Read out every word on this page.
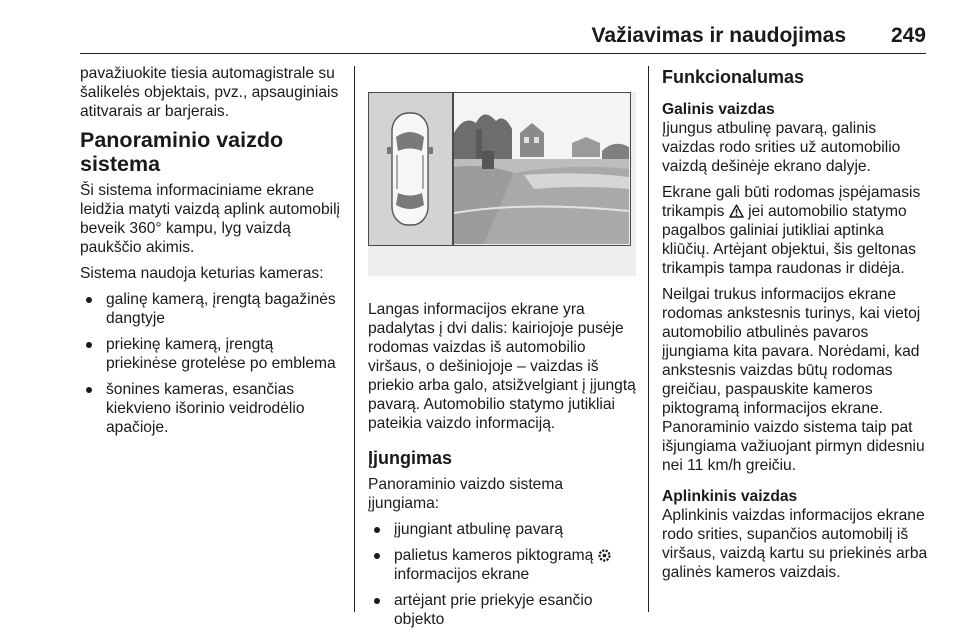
Važiavimas ir naudojimas 249

pavažiuokite tiesia automagistrale su šalikelės objektais, pvz., apsauginiais atitvarais ar barjerais.

Panoraminio vaizdo sistema

Ši sistema informaciniame ekrane leidžia matyti vaizdą aplink automobilį beveik 360° kampu, lyg vaizdą paukščio akimis.

Sistema naudoja keturias kameras:

galinę kamerą, įrengtą bagažinės dangtyje
priekinę kamerą, įrengtą priekinėse grotelėse po emblema
šonines kameras, esančias kiekvieno išorinio veidrodėlio apačioje.

Langas informacijos ekrane yra padalytas į dvi dalis: kairiojoje pusėje rodomas vaizdas iš automobilio viršaus, o dešiniojoje – vaizdas iš priekio arba galo, atsižvelgiant į įjungtą pavarą. Automobilio statymo jutikliai pateikia vaizdo informaciją.

Įjungimas

Panoraminio vaizdo sistema įjungiama:

įjungiant atbulinę pavarą
palietus kameros piktogramą
informacijos ekrane
artėjant prie priekyje esančio objekto
Funkcionalumas
Galinis vaizdas

Įjungus atbulinę pavarą, galinis vaizdas rodo srities už automobilio vaizdą dešinėje ekrano dalyje.

Ekrane gali būti rodomas įspėjamasis trikampis jei automobilio statymo pagalbos galiniai jutikliai aptinka kliūčių. Artėjant objektui, šis geltonas trikampis tampa raudonas ir didėja.

Neilgai trukus informacijos ekrane rodomas ankstesnis turinys, kai vietoj automobilio atbulinės pavaros įjungiama kita pavara. Norėdami, kad ankstesnis vaizdas būtų rodomas greičiau, paspauskite kameros piktogramą informacijos ekrane. Panoraminio vaizdo sistema taip pat išjungiama važiuojant pirmyn didesniu nei 11 km/h greičiu.

Aplinkinis vaizdas

Aplinkinis vaizdas informacijos ekrane rodo srities, supančios automobilį iš viršaus, vaizdą kartu su priekinės arba galinės kameros vaizdais.
